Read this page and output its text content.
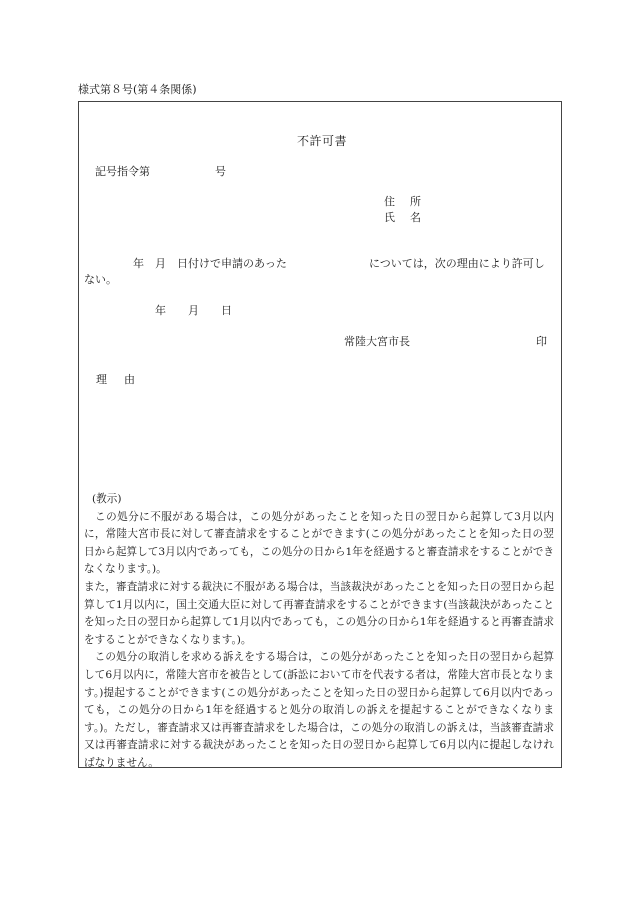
様式第８号(第４条関係)
不許可書
記号指令第	号
住　所
氏　名
年　月　日付けで申請のあった	については，次の理由により許可し
ない。
年　　月　　日
常陸大宮市長	印
理　由

(教示)

　この処分に不服がある場合は，この処分があったことを知った日の翌日から起算して3月以内に，常陸大宮市長に対して審査請求をすることができます(この処分があったことを知った日の翌日から起算して3月以内であっても，この処分の日から1年を経過すると審査請求をすることができなくなります。)。

また，審査請求に対する裁決に不服がある場合は，当該裁決があったことを知った日の翌日から起算して1月以内に，国土交通大臣に対して再審査請求をすることができます(当該裁決があったことを知った日の翌日から起算して1月以内であっても，この処分の日から1年を経過すると再審査請求をすることができなくなります。)。

　この処分の取消しを求める訴えをする場合は，この処分があったことを知った日の翌日から起算して6月以内に，常陸大宮市を被告として(訴訟において市を代表する者は，常陸大宮市長となります。)提起することができます(この処分があったことを知った日の翌日から起算して6月以内であっても，この処分の日から1年を経過すると処分の取消しの訴えを提起することができなくなります。)。ただし，審査請求又は再審査請求をした場合は，この処分の取消しの訴えは，当該審査請求又は再審査請求に対する裁決があったことを知った日の翌日から起算して6月以内に提起しなければなりません。
